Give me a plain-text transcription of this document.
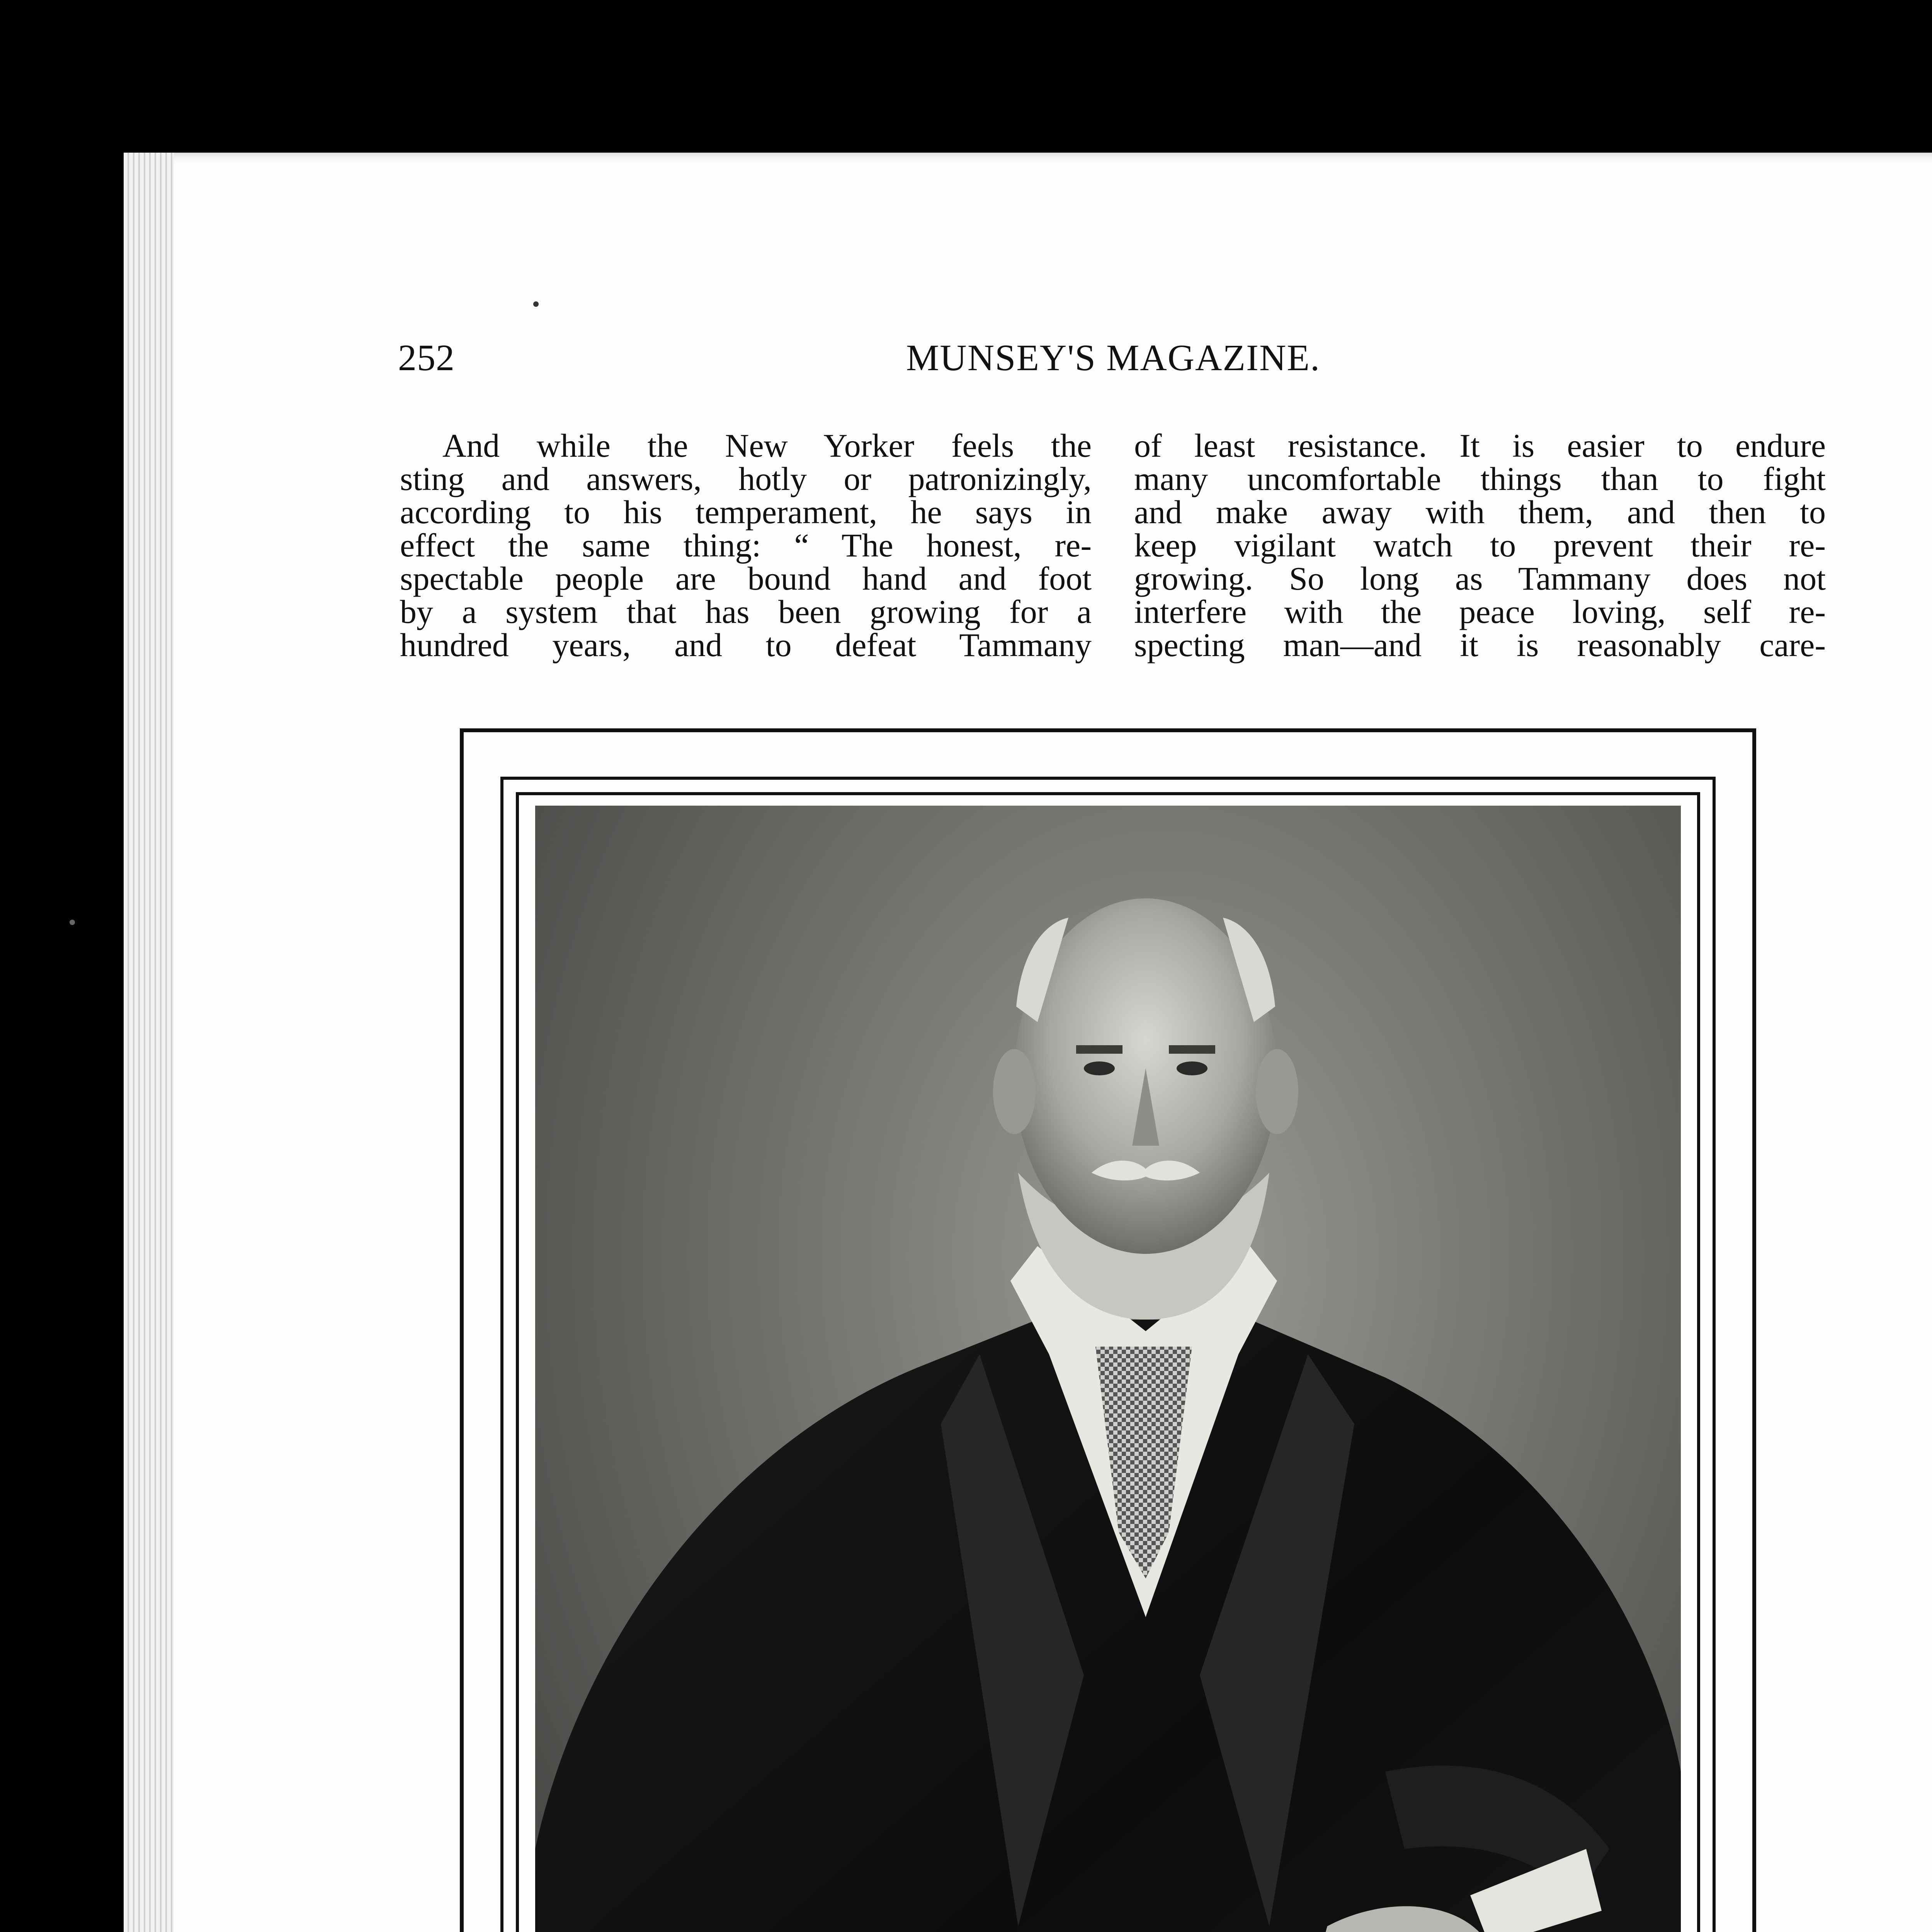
252	MUNSEY'S MAGAZINE.
And while the New Yorker feels the
sting and answers, hotly or patronizingly,
according to his temperament, he says in
effect the same thing: “ The honest, re-
spectable people are bound hand and foot
by a system that has been growing for a
hundred years, and to defeat Tammany
of least resistance. It is easier to endure
many uncomfortable things than to fight
and make away with them, and then to
keep vigilant watch to prevent their re-
growing. So long as Tammany does not
interfere with the peace loving, self re-
specting man—and it is reasonably care-
